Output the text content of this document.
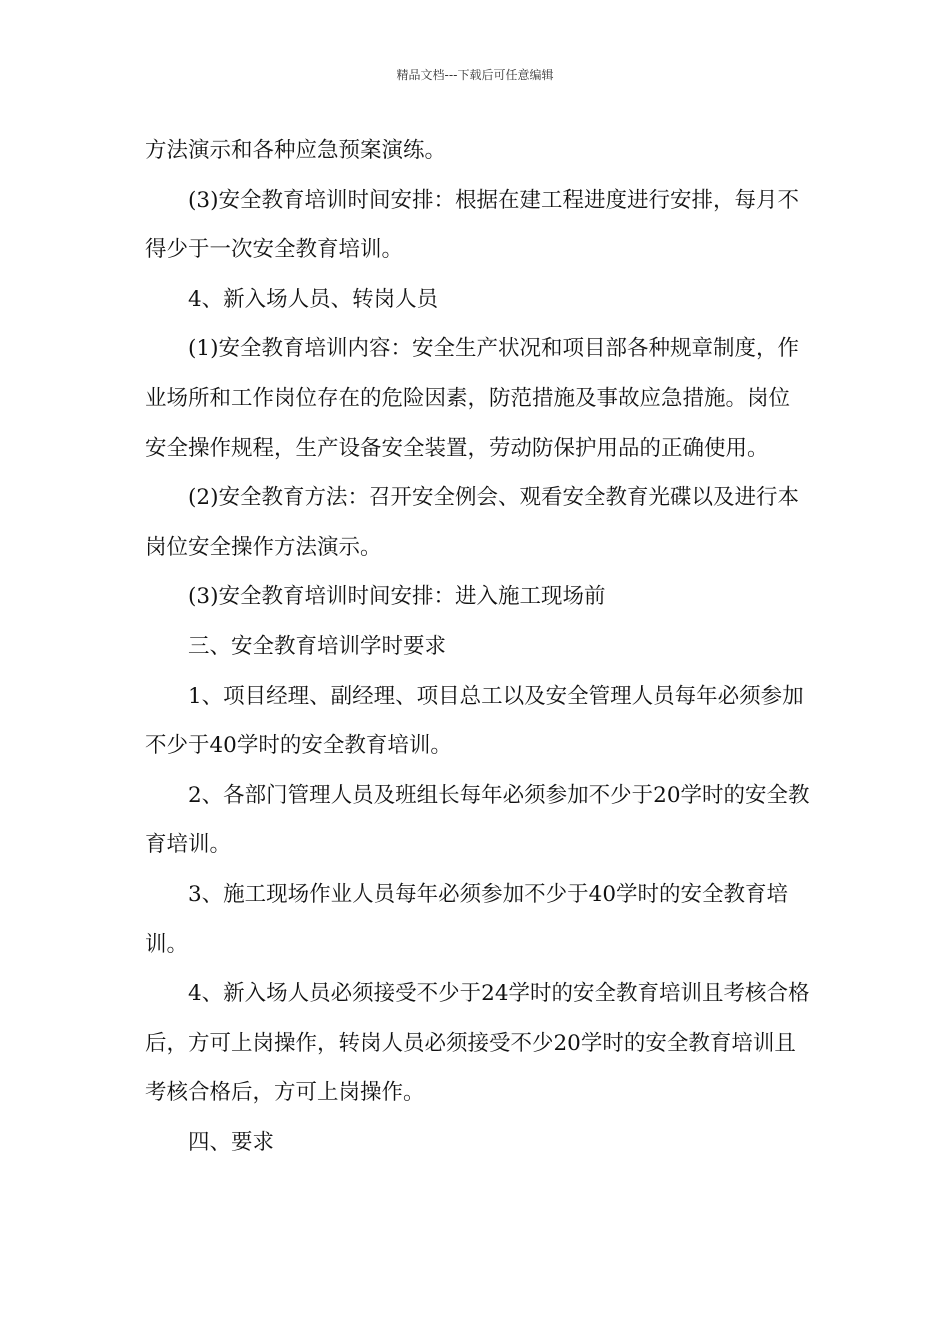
精品文档---下载后可任意编辑

方法演示和各种应急预案演练。

(3)安全教育培训时间安排：根据在建工程进度进行安排，每月不得少于一次安全教育培训。

4、新入场人员、转岗人员

(1)安全教育培训内容：安全生产状况和项目部各种规章制度，作业场所和工作岗位存在的危险因素，防范措施及事故应急措施。岗位安全操作规程，生产设备安全装置，劳动防保护用品的正确使用。

(2)安全教育方法：召开安全例会、观看安全教育光碟以及进行本岗位安全操作方法演示。

(3)安全教育培训时间安排：进入施工现场前

三、安全教育培训学时要求

1、项目经理、副经理、项目总工以及安全管理人员每年必须参加不少于40学时的安全教育培训。

2、各部门管理人员及班组长每年必须参加不少于20学时的安全教育培训。

3、施工现场作业人员每年必须参加不少于40学时的安全教育培训。

4、新入场人员必须接受不少于24学时的安全教育培训且考核合格后，方可上岗操作，转岗人员必须接受不少20学时的安全教育培训且考核合格后，方可上岗操作。

四、要求
